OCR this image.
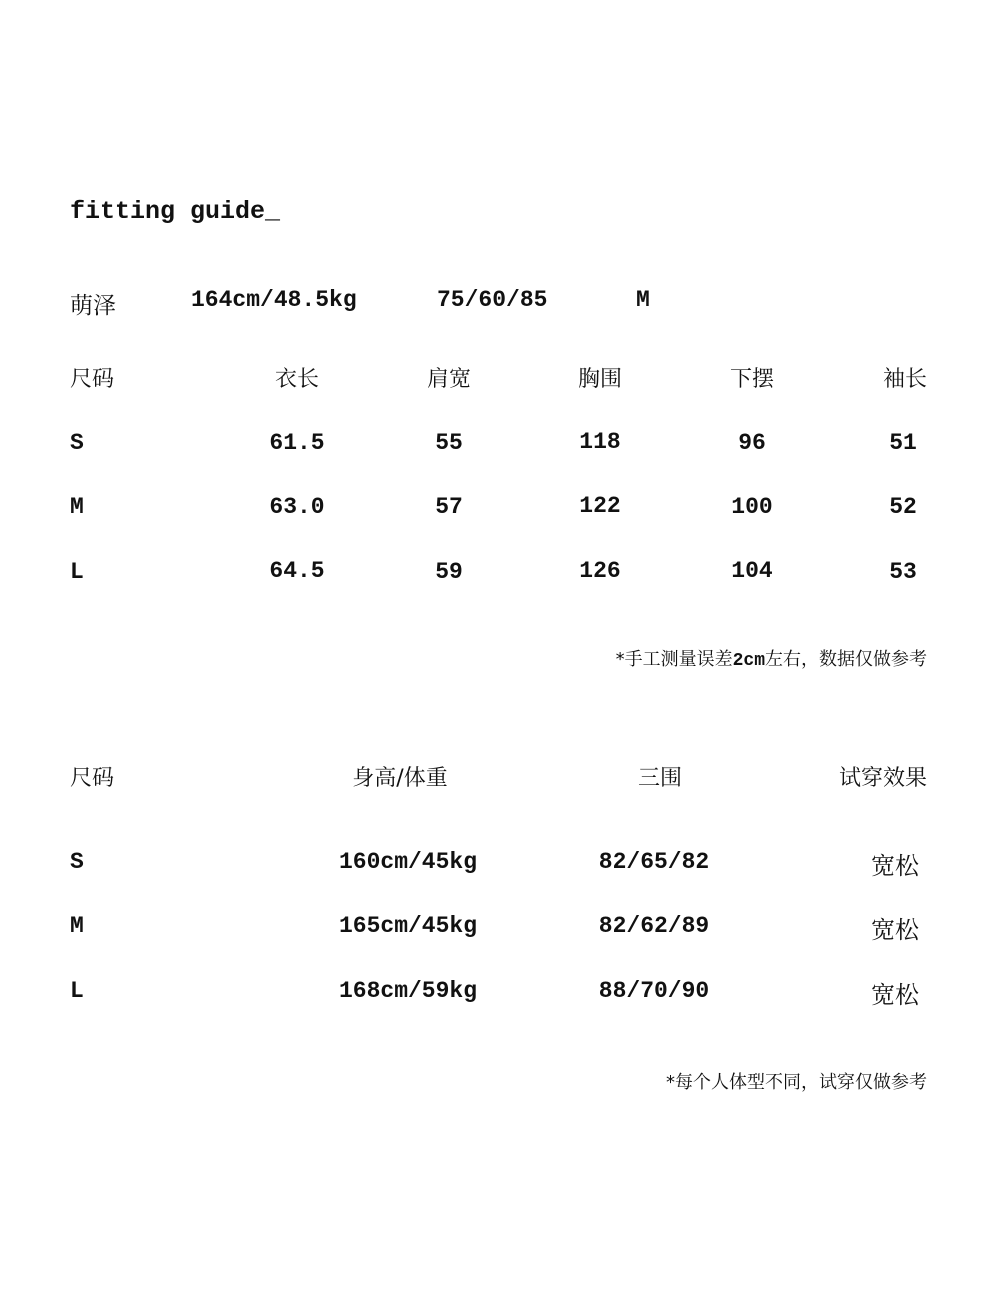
fitting guide_
萌泽	164cm/48.5kg	75/60/85	M
尺码	衣长	肩宽	胸围	下摆	袖长
S	61.5	55	118	96	51
M	63.0	57	122	100	52
L	64.5	59	126	104	53
*手工测量误差2cm左右，数据仅做参考
尺码	身高/体重	三围	试穿效果
S	160cm/45kg	82/65/82	宽松
M	165cm/45kg	82/62/89	宽松
L	168cm/59kg	88/70/90	宽松
*每个人体型不同，试穿仅做参考
